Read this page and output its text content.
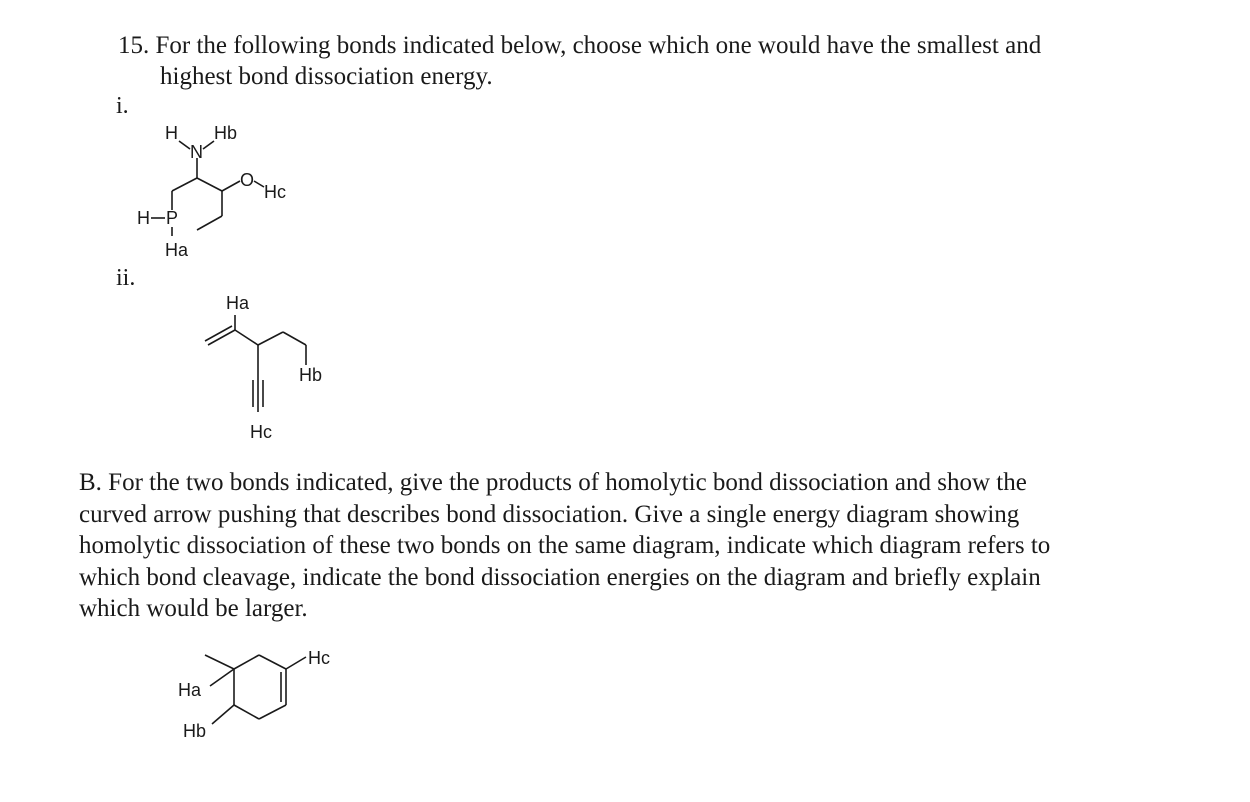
15. For the following bonds indicated below, choose which one would have the smallest and
highest bond dissociation energy.
i.
ii.
H
N
Hb
O
Hc
H P
Ha
Ha
Hb
Hc
B. For the two bonds indicated, give the products of homolytic bond dissociation and show the
curved arrow pushing that describes bond dissociation. Give a single energy diagram showing
homolytic dissociation of these two bonds on the same diagram, indicate which diagram refers to
which bond cleavage, indicate the bond dissociation energies on the diagram and briefly explain
which would be larger.
Hc
Ha
Hb
